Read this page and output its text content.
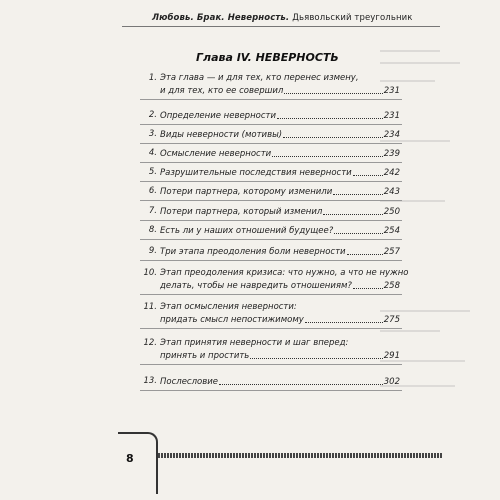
Любовь. Брак. Неверность. Дьявольский треугольник
Глава IV. НЕВЕРНОСТЬ
1. Эта глава — и для тех, кто перенес измену,
и для тех, кто ее совершил	231
2. Определение неверности	231
3. Виды неверности (мотивы)	234
4. Осмысление неверности	239
5. Разрушительные последствия неверности	242
6. Потери партнера, которому изменили	243
7. Потери партнера, который изменил	250
8. Есть ли у наших отношений будущее?	254
9. Три этапа преодоления боли неверности	257
10. Этап преодоления кризиса: что нужно, а что не нужно
делать, чтобы не навредить отношениям?	258
11. Этап осмысления неверности:
придать смысл непостижимому	275
12. Этап принятия неверности и шаг вперед:
принять и простить	291
13. Послесловие	302
8
